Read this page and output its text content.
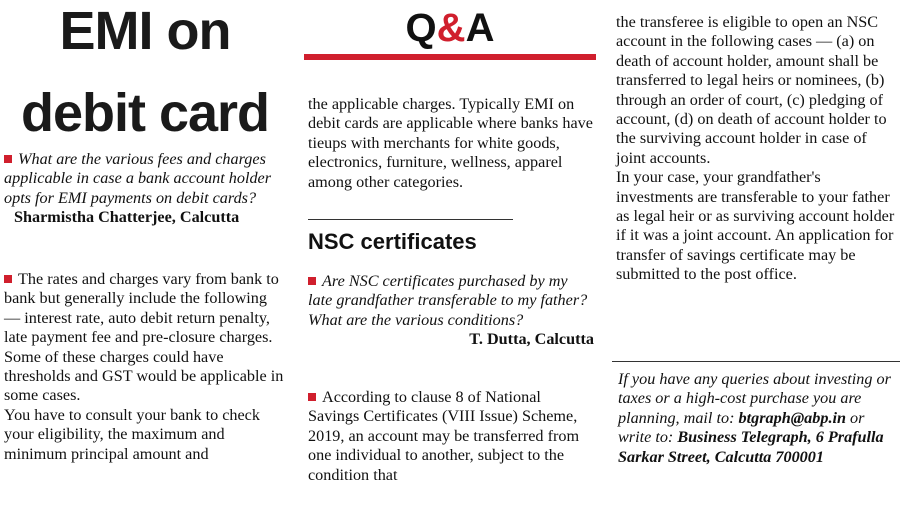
EMI on
debit card

What are the various fees and charges applicable in case a bank account holder opts for EMI payments on debit cards?

Sharmistha Chatterjee, Calcutta

The rates and charges vary from bank to bank but generally include the following — interest rate, auto debit return penalty, late payment fee and pre-closure charges. Some of these charges could have thresholds and GST would be applicable in some cases.

You have to consult your bank to check your eligibility, the maximum and minimum principal amount and

Q&A

the applicable charges. Typically EMI on debit cards are applicable where banks have tieups with merchants for white goods, electronics, furniture, wellness, apparel among other categories.

NSC certificates

Are NSC certificates purchased by my late grandfather transferable to my father? What are the various conditions?

T. Dutta, Calcutta

According to clause 8 of National Savings Certificates (VIII Issue) Scheme, 2019, an account may be transferred from one individual to another, subject to the condition that

the transferee is eligible to open an NSC account in the following cases — (a) on death of account holder, amount shall be transferred to legal heirs or nominees, (b) through an order of court, (c) pledging of account, (d) on death of account holder to the surviving account holder in case of joint accounts.

In your case, your grandfather's investments are transferable to your father as legal heir or as surviving account holder if it was a joint account. An application for transfer of savings certificate may be submitted to the post office.

If you have any queries about investing or taxes or a high-cost purchase you are planning, mail to: btgraph@abp.in or write to: Business Telegraph, 6 Prafulla Sarkar Street, Calcutta 700001
